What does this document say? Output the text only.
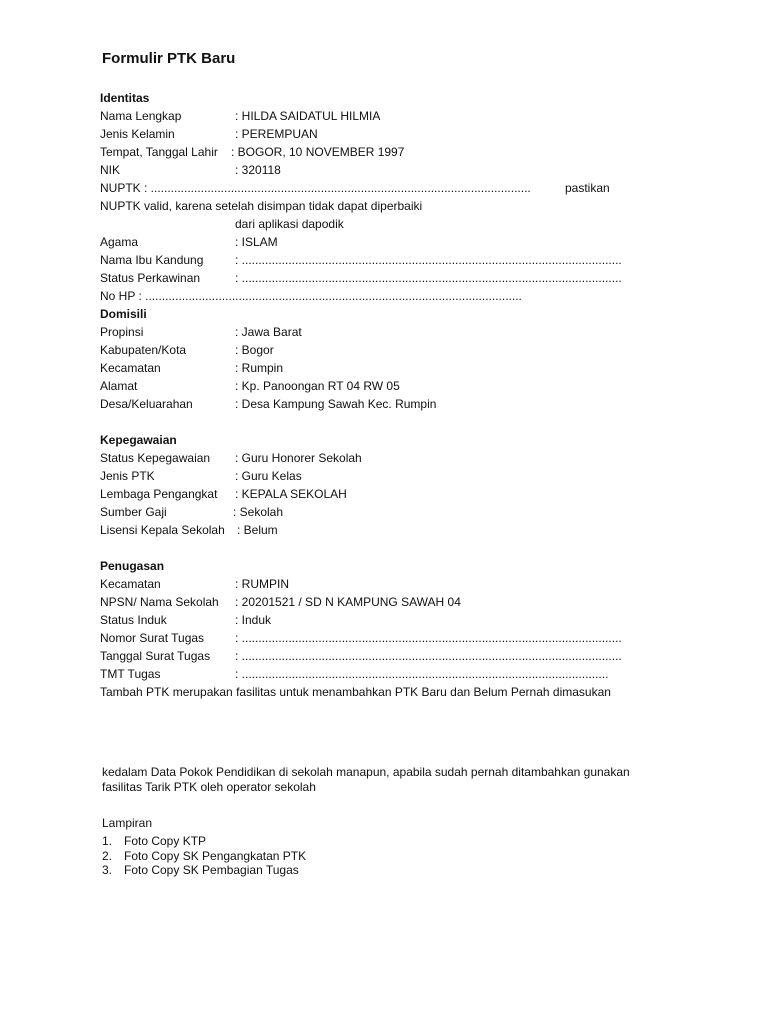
Formulir PTK Baru
Identitas
Nama Lengkap	: HILDA SAIDATUL HILMIA
Jenis Kelamin	: PEREMPUAN
Tempat, Tanggal Lahir : BOGOR, 10 NOVEMBER 1997
NIK	: 320118
NUPTK : ..................................................................................................................	pastikan
NUPTK valid, karena setelah disimpan tidak dapat diperbaiki
dari aplikasi dapodik
Agama	: ISLAM
Nama Ibu Kandung	: ..................................................................................................................
Status Perkawinan	: ..................................................................................................................
No HP : .................................................................................................................
Domisili
Propinsi	: Jawa Barat
Kabupaten/Kota	: Bogor
Kecamatan	: Rumpin
Alamat	: Kp. Panoongan RT 04 RW 05
Desa/Keluarahan	: Desa Kampung Sawah Kec. Rumpin
Kepegawaian
Status Kepegawaian : Guru Honorer Sekolah
Jenis PTK	: Guru Kelas
Lembaga Pengangkat : KEPALA SEKOLAH
Sumber Gaji	: Sekolah
Lisensi Kepala Sekolah : Belum
Penugasan
Kecamatan	: RUMPIN
NPSN/ Nama Sekolah : 20201521 / SD N KAMPUNG SAWAH 04
Status Induk	: Induk
Nomor Surat Tugas	: ..................................................................................................................
Tanggal Surat Tugas : ..................................................................................................................
TMT Tugas	: ..............................................................................................................
Tambah PTK merupakan fasilitas untuk menambahkan PTK Baru dan Belum Pernah dimasukan
kedalam Data Pokok Pendidikan di sekolah manapun, apabila sudah pernah ditambahkan gunakan
fasilitas Tarik PTK oleh operator sekolah
Lampiran
1. Foto Copy KTP
2. Foto Copy SK Pengangkatan PTK
3. Foto Copy SK Pembagian Tugas
